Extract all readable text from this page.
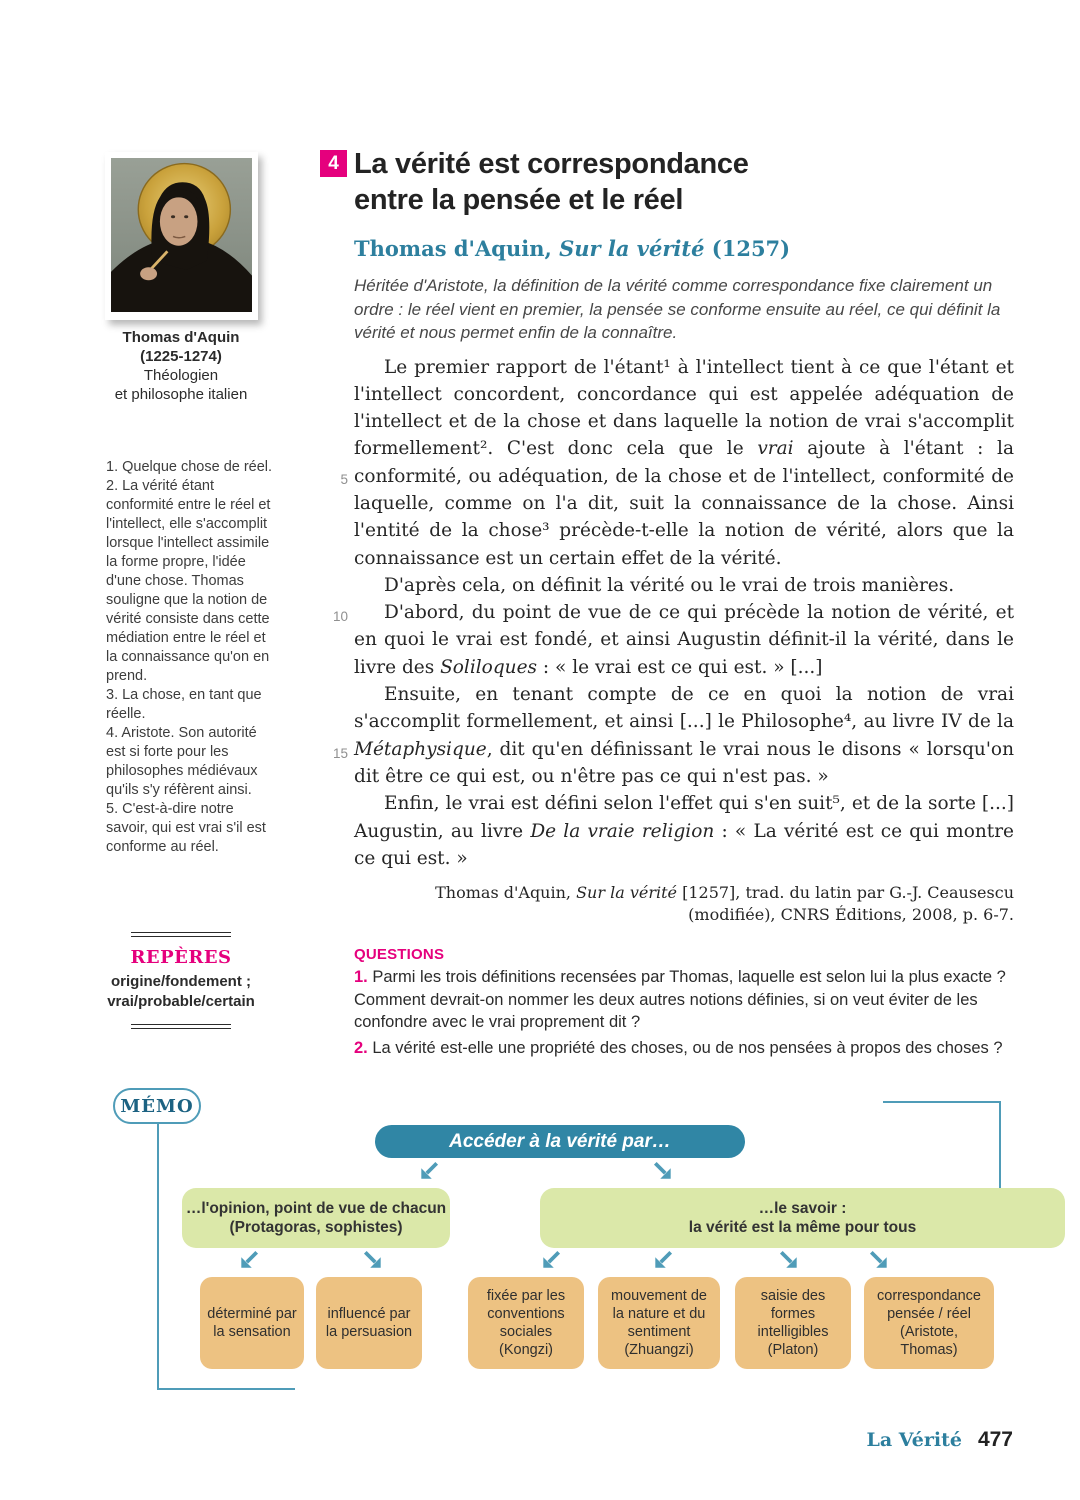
Thomas d'Aquin
(1225-1274)
Théologien
et philosophe italien

1. Quelque chose de réel.

2. La vérité étant conformité entre le réel et l'intellect, elle s'accomplit lorsque l'intellect assimile la forme propre, l'idée d'une chose. Thomas souligne que la notion de vérité consiste dans cette médiation entre le réel et la connaissance qu'on en prend.

3. La chose, en tant que réelle.

4. Aristote. Son autorité est si forte pour les philosophes médiévaux qu'ils s'y réfèrent ainsi.

5. C'est-à-dire notre savoir, qui est vrai s'il est conforme au réel.

REPÈRES
origine/fondement ;
vrai/probable/certain
4 La vérité est correspondance
entre la pensée et le réel
Thomas d'Aquin, Sur la vérité (1257)

Héritée d'Aristote, la définition de la vérité comme correspondance fixe clairement un ordre : le réel vient en premier, la pensée se conforme ensuite au réel, ce qui définit la vérité et nous permet enfin de la connaître.

5
10
15

Le premier rapport de l'étant¹ à l'intellect tient à ce que l'étant et l'intellect concordent, concordance qui est appelée adéquation de l'intellect et de la chose et dans laquelle la notion de vrai s'accomplit formellement². C'est donc cela que le vrai ajoute à l'étant : la conformité, ou adéquation, de la chose et de l'intellect, conformité de laquelle, comme on l'a dit, suit la connaissance de la chose. Ainsi l'entité de la chose³ précède-t-elle la notion de vérité, alors que la connaissance est un certain effet de la vérité.

D'après cela, on définit la vérité ou le vrai de trois manières.

D'abord, du point de vue de ce qui précède la notion de vérité, et en quoi le vrai est fondé, et ainsi Augustin définit-il la vérité, dans le livre des Soliloques : « le vrai est ce qui est. » [...]

Ensuite, en tenant compte de ce en quoi la notion de vrai s'accomplit formellement, et ainsi [...] le Philosophe⁴, au livre IV de la Métaphysique, dit qu'en définissant le vrai nous le disons « lorsqu'on dit être ce qui est, ou n'être pas ce qui n'est pas. »

Enfin, le vrai est défini selon l'effet qui s'en suit⁵, et de la sorte [...] Augustin, au livre De la vraie religion : « La vérité est ce qui montre ce qui est. »

Thomas d'Aquin, Sur la vérité [1257], trad. du latin par G.-J. Ceausescu (modifiée), CNRS Éditions, 2008, p. 6-7.

QUESTIONS

1. Parmi les trois définitions recensées par Thomas, laquelle est selon lui la plus exacte ? Comment devrait-on nommer les deux autres notions définies, si on veut éviter de les confondre avec le vrai proprement dit ?

2. La vérité est-elle une propriété des choses, ou de nos pensées à propos des choses ?

MÉMO
Accéder à la vérité par…
…l'opinion, point de vue de chacun
(Protagoras, sophistes)
…le savoir :
la vérité est la même pour tous
déterminé par la sensation
influencé par la persuasion
fixée par les conventions sociales (Kongzi)
mouvement de la nature et du sentiment (Zhuangzi)
saisie des formes intelligibles (Platon)
correspondance pensée / réel (Aristote, Thomas)
La Vérité 477
